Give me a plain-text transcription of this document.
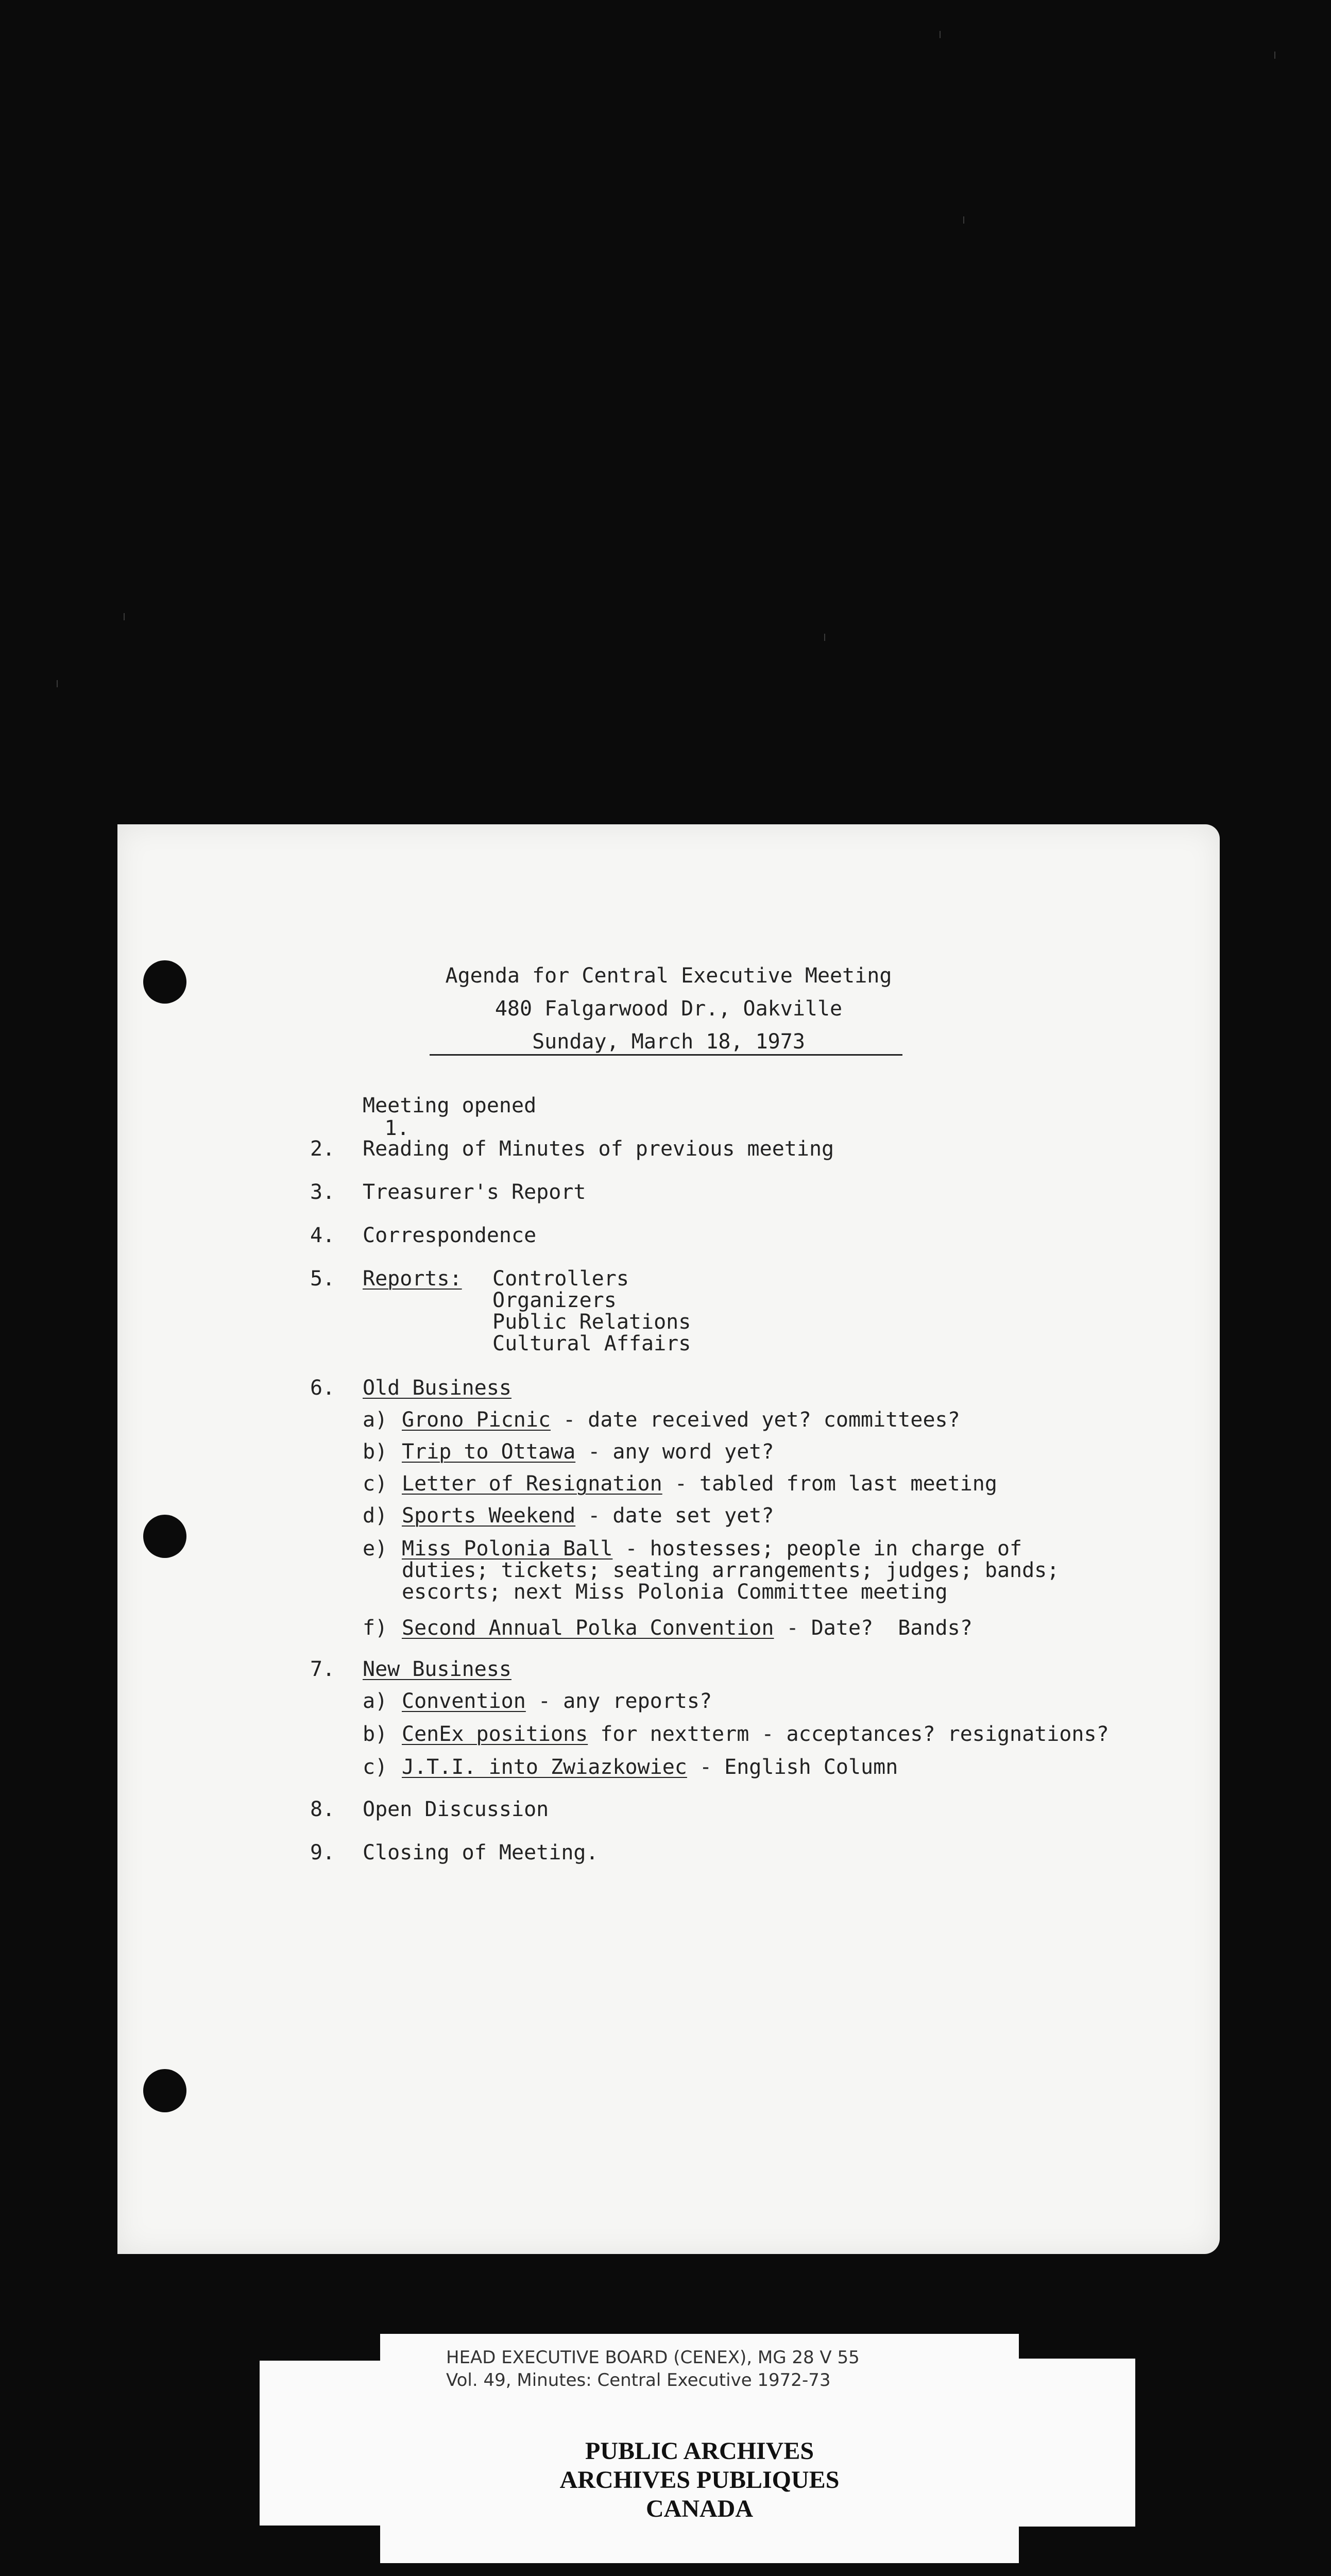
Agenda for Central Executive Meeting
480 Falgarwood Dr., Oakville
Sunday, March 18, 1973

1.

Meeting opened
2. Reading of Minutes of previous meeting
3. Treasurer's Report
4. Correspondence
5. Reports: Controllers
Organizers
Public Relations
Cultural Affairs
6. Old Business
a) Grono Picnic - date received yet? committees?
b) Trip to Ottawa - any word yet?
c) Letter of Resignation - tabled from last meeting
d) Sports Weekend - date set yet?
e) Miss Polonia Ball - hostesses; people in charge of
duties; tickets; seating arrangements; judges; bands;
escorts; next Miss Polonia Committee meeting
f) Second Annual Polka Convention - Date?  Bands?
7. New Business
a) Convention - any reports?
b) CenEx positions for nextterm - acceptances? resignations?
c) J.T.I. into Zwiazkowiec - English Column
8. Open Discussion
9. Closing of Meeting.
HEAD EXECUTIVE BOARD (CENEX), MG 28 V 55
Vol. 49, Minutes: Central Executive 1972-73
PUBLIC ARCHIVES
ARCHIVES PUBLIQUES
CANADA
